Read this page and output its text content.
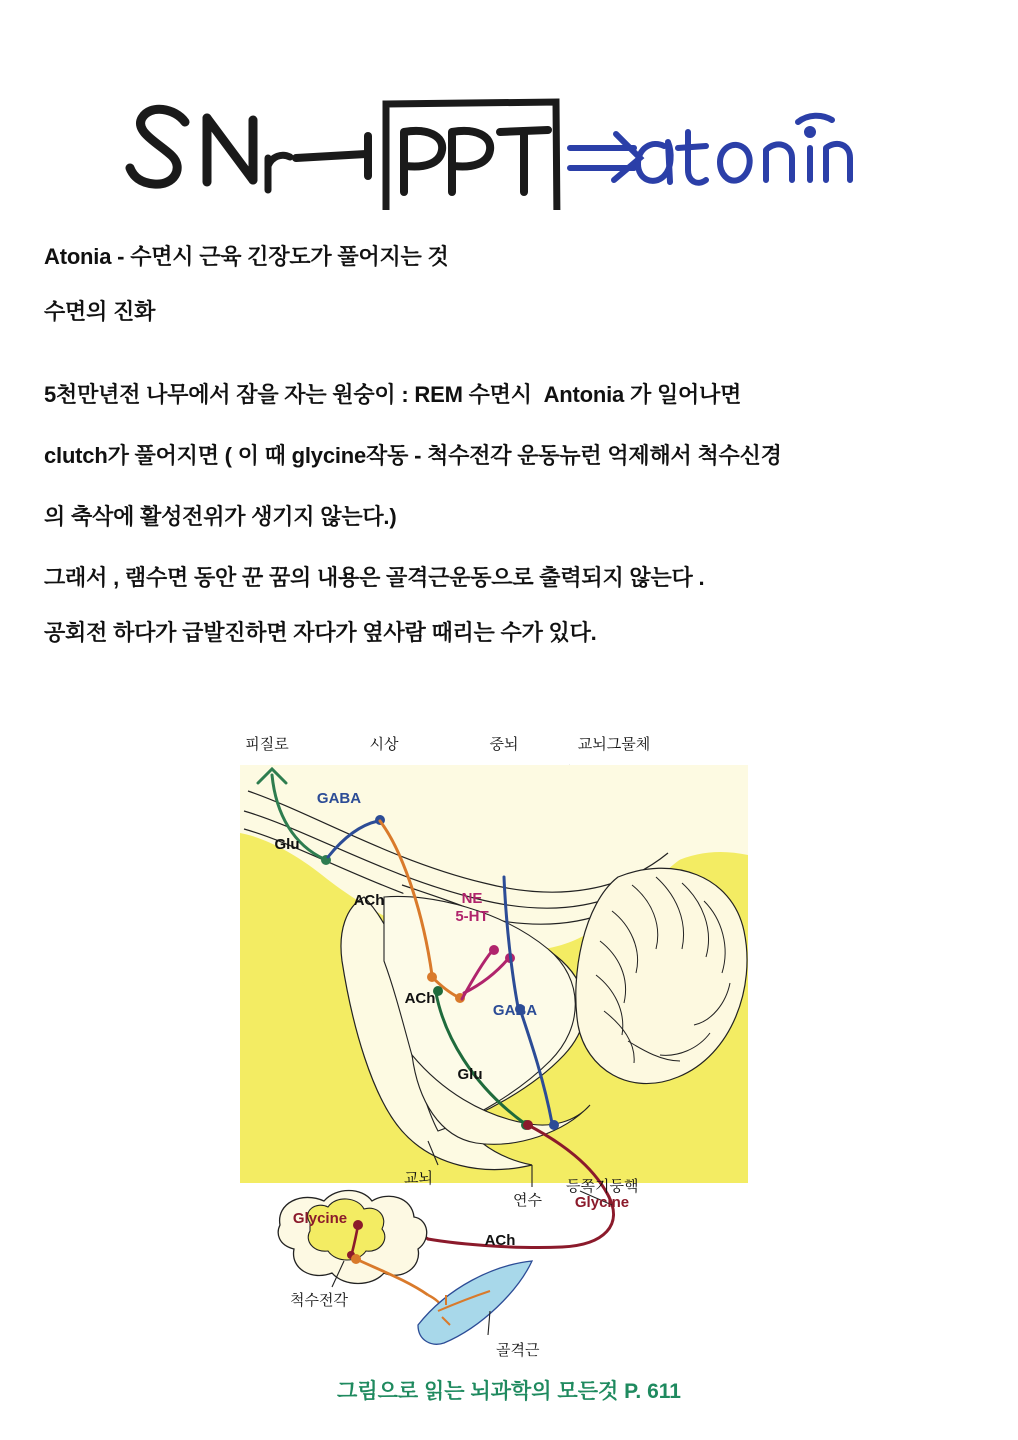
Atonia - 수면시 근육 긴장도가 풀어지는 것
수면의 진화
5천만년전 나무에서 잠을 자는 원숭이 : REM 수면시  Antonia 가 일어나면
clutch가 풀어지면 ( 이 때 glycine작동 - 척수전각 운동뉴런 억제해서 척수신경
의 축삭에 활성전위가 생기지 않는다.)
그래서 , 램수면 동안 꾼 꿈의 내용은 골격근운동으로 출력되지 않는다 .
공회전 하다가 급발진하면 자다가 옆사람 때리는 수가 있다.
피질로	시상	중뇌	교뇌그물체
GABA
Glu
ACh	NE
5-HT
ACh
GABA
Glu
교뇌
연수
등쪽기둥핵
Glycine
Glycine
ACh
척수전각
골격근
그림으로 읽는 뇌과학의 모든것 P. 611
